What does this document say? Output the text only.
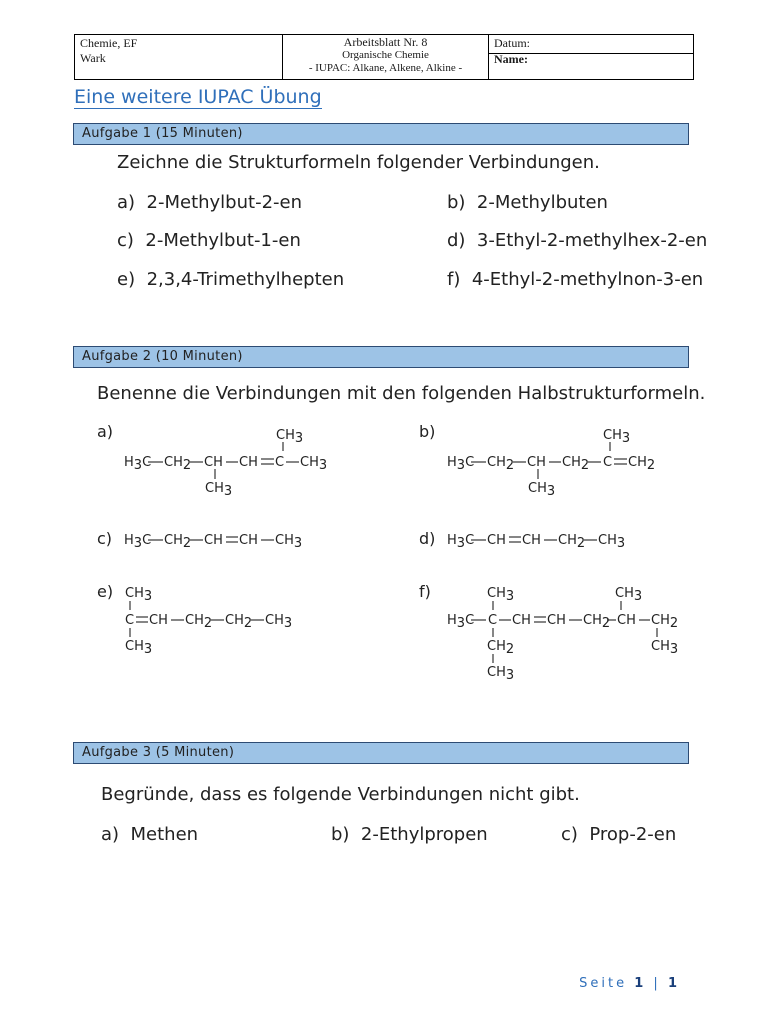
Chemie, EF
Wark
Arbeitsblatt Nr. 8
Organische Chemie
- IUPAC: Alkane, Alkene, Alkine -
Datum:
Name:
Eine weitere IUPAC Übung
Aufgabe 1 (15 Minuten)
Zeichne die Strukturformeln folgender Verbindungen.
a) 2-Methylbut-2-en	b) 2-Methylbuten
c) 2-Methylbut-1-en	d) 3-Ethyl-2-methylhex-2-en
e) 2,3,4-Trimethylhepten	f) 4-Ethyl-2-methylnon-3-en
Aufgabe 2 (10 Minuten)
Benenne die Verbindungen mit den folgenden Halbstrukturformeln.
a)	b)
c)	d)
e)	f)
CH3
H3C CH2 CH CH C CH3
CH3
CH3
H3C CH2 CH CH2 C CH2
CH3
H3C CH2 CH CH CH3	H3C CH CH CH2 CH3
CH3
C CH CH2 CH2 CH3
CH3
CH3	CH3
H3C C CH CH CH2 CH CH2
CH2	CH3
CH3
Aufgabe 3 (5 Minuten)
Begründe, dass es folgende Verbindungen nicht gibt.
a) Methen	b) 2-Ethylpropen	c) Prop-2-en
Seite 1 | 1
